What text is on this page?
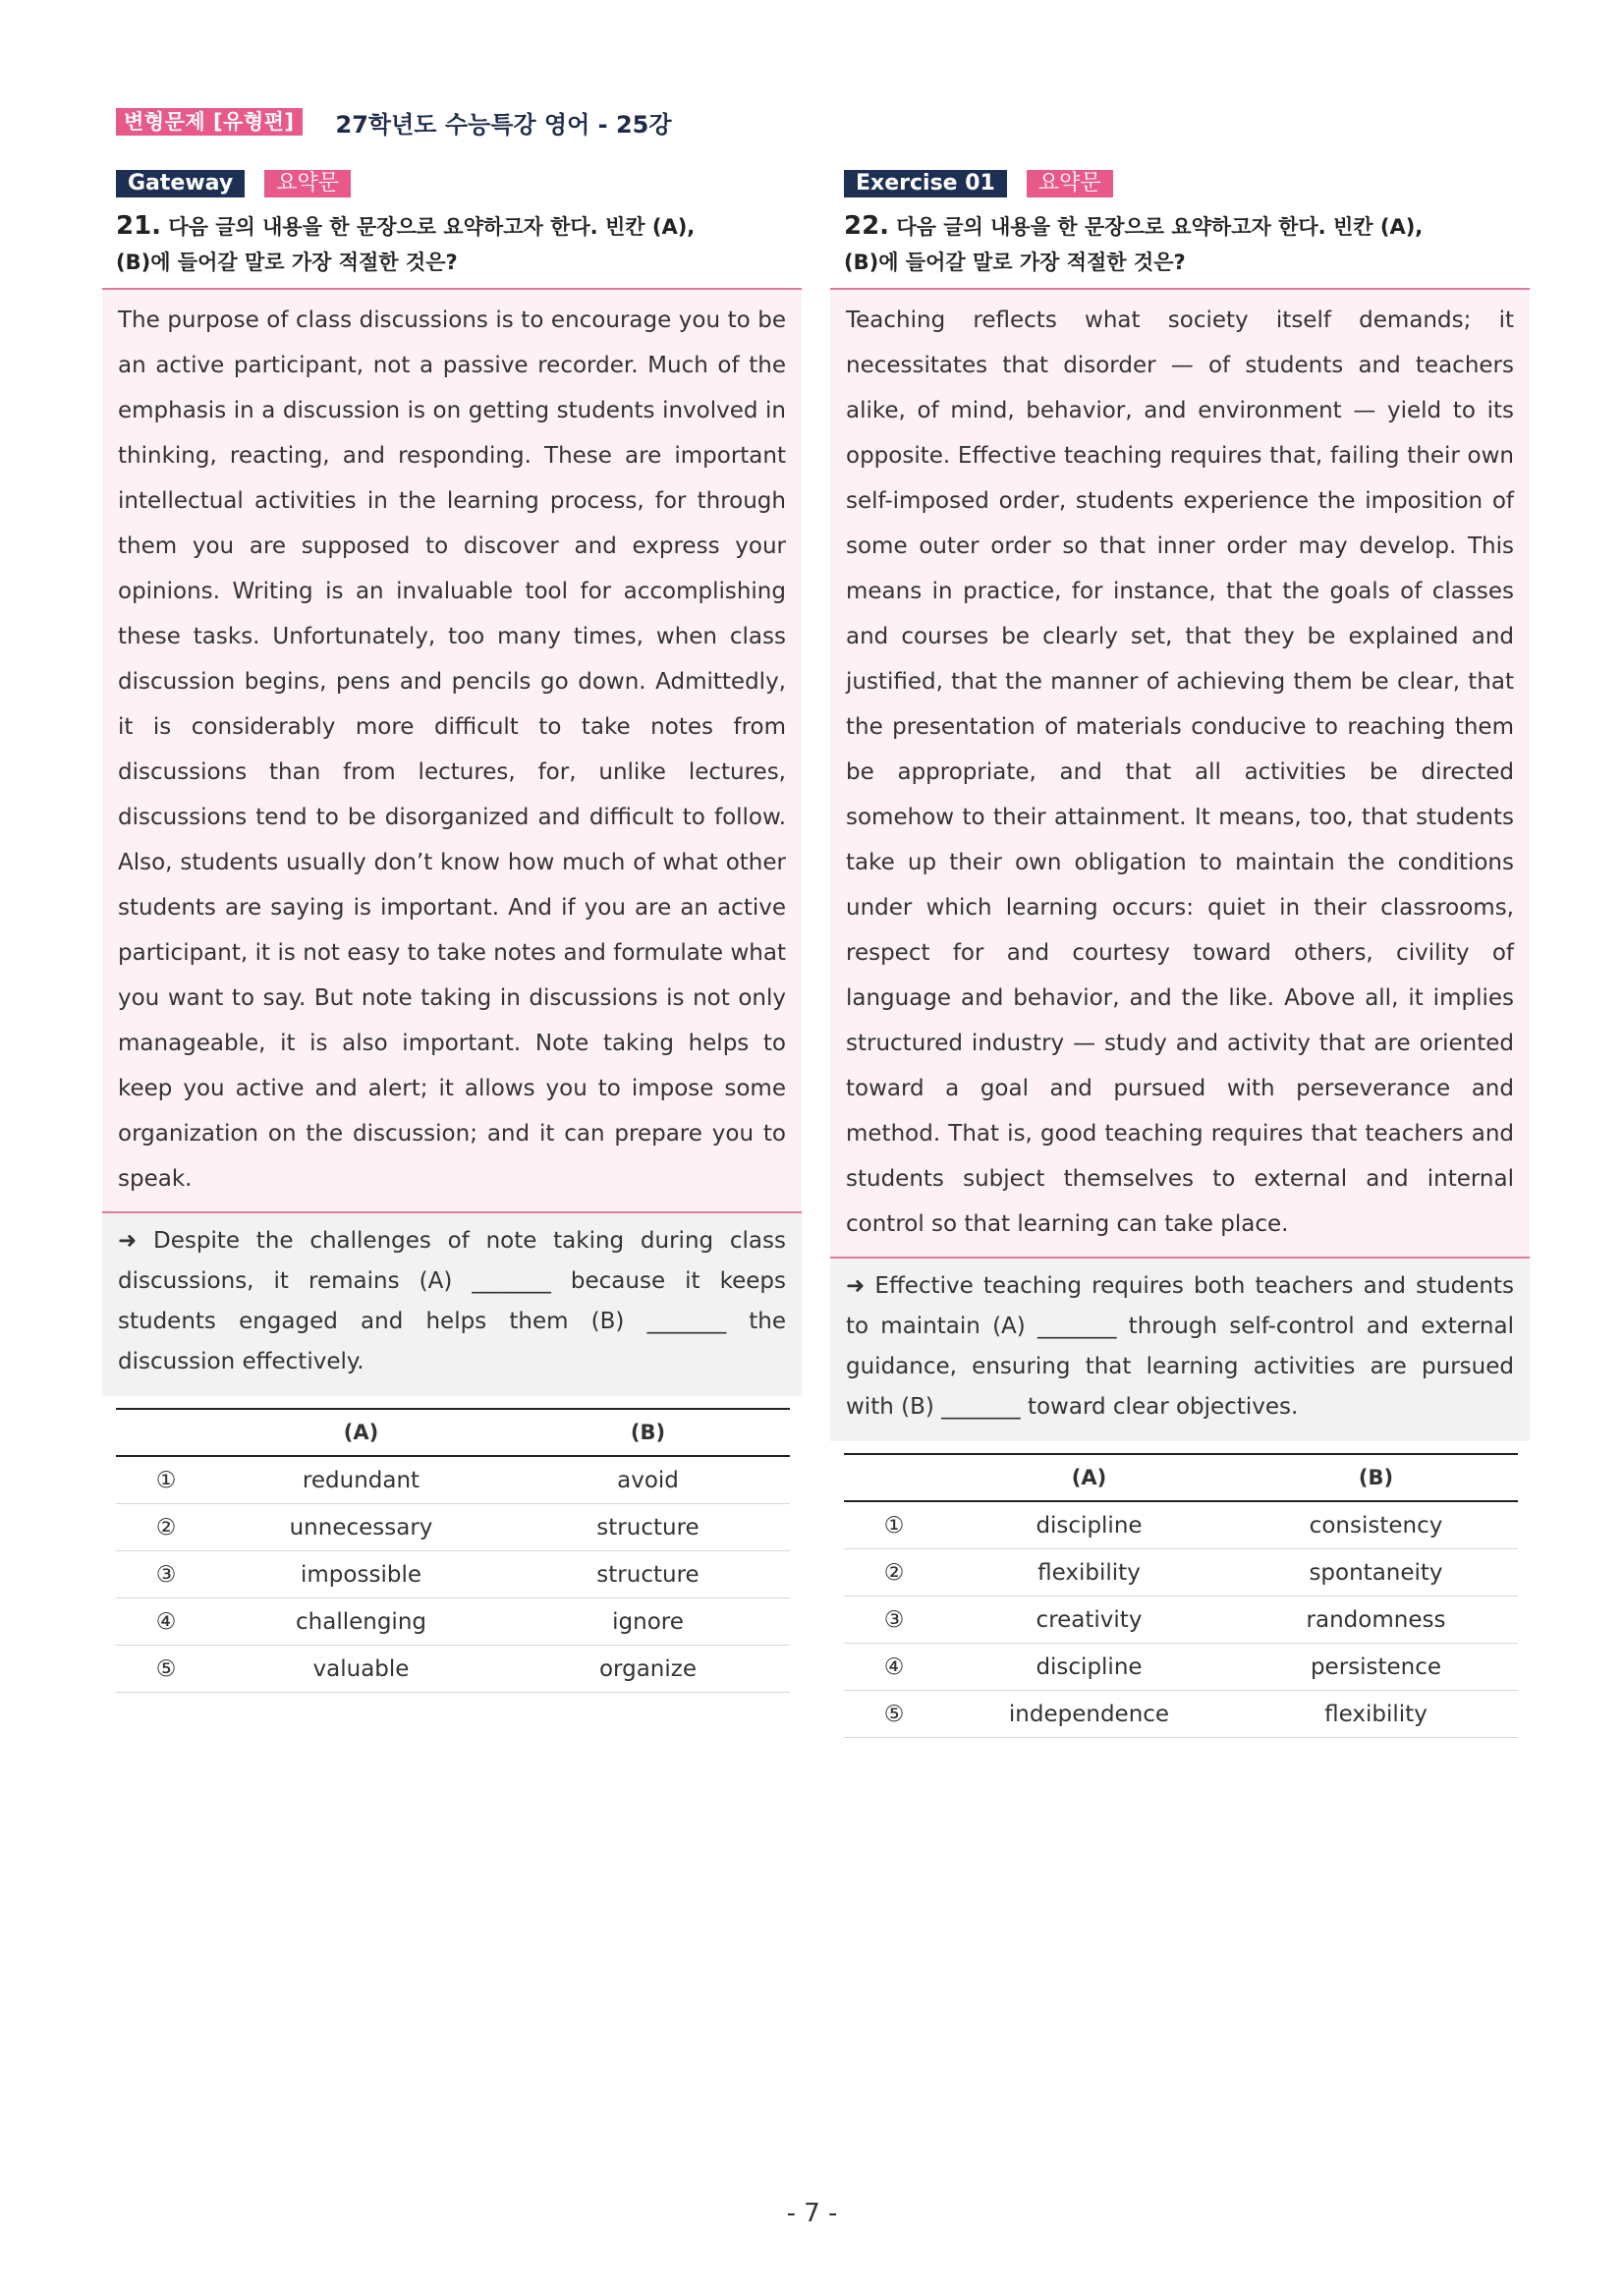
변형문제 [유형편]	27학년도 수능특강 영어 - 25강
Gateway	요약문
21. 다음 글의 내용을 한 문장으로 요약하고자 한다. 빈칸 (A),
(B)에 들어갈 말로 가장 적절한 것은?

The purpose of class discussions is to encourage you to be an active participant, not a passive recorder. Much of the emphasis in a discussion is on getting students involved in thinking, reacting, and responding. These are important intellectual activities in the learning process, for through them you are supposed to discover and express your opinions. Writing is an invaluable tool for accomplishing these tasks. Unfortunately, too many times, when class discussion begins, pens and pencils go down. Admittedly, it is considerably more difficult to take notes from discussions than from lectures, for, unlike lectures, discussions tend to be disorganized and difficult to follow. Also, students usually don’t know how much of what other students are saying is important. And if you are an active participant, it is not easy to take notes and formulate what you want to say. But note taking in discussions is not only manageable, it is also important. Note taking helps to keep you active and alert; it allows you to impose some organization on the discussion; and it can prepare you to speak.

➜ Despite the challenges of note taking during class discussions, it remains (A) _______ because it keeps students engaged and helps them (B) _______ the discussion effectively.

	(A)	(B)
①	redundant	avoid
②	unnecessary	structure
③	impossible	structure
④	challenging	ignore
⑤	valuable	organize
Exercise 01	요약문
22. 다음 글의 내용을 한 문장으로 요약하고자 한다. 빈칸 (A),
(B)에 들어갈 말로 가장 적절한 것은?

Teaching reflects what society itself demands; it necessitates that disorder — of students and teachers alike, of mind, behavior, and environment — yield to its opposite. Effective teaching requires that, failing their own self-imposed order, students experience the imposition of some outer order so that inner order may develop. This means in practice, for instance, that the goals of classes and courses be clearly set, that they be explained and justified, that the manner of achieving them be clear, that the presentation of materials conducive to reaching them be appropriate, and that all activities be directed somehow to their attainment. It means, too, that students take up their own obligation to maintain the conditions under which learning occurs: quiet in their classrooms, respect for and courtesy toward others, civility of language and behavior, and the like. Above all, it implies structured industry — study and activity that are oriented toward a goal and pursued with perseverance and method. That is, good teaching requires that teachers and students subject themselves to external and internal control so that learning can take place.

➜ Effective teaching requires both teachers and students to maintain (A) _______ through self-control and external guidance, ensuring that learning activities are pursued with (B) _______ toward clear objectives.

	(A)	(B)
①	discipline	consistency
②	flexibility	spontaneity
③	creativity	randomness
④	discipline	persistence
⑤	independence	flexibility
- 7 -
